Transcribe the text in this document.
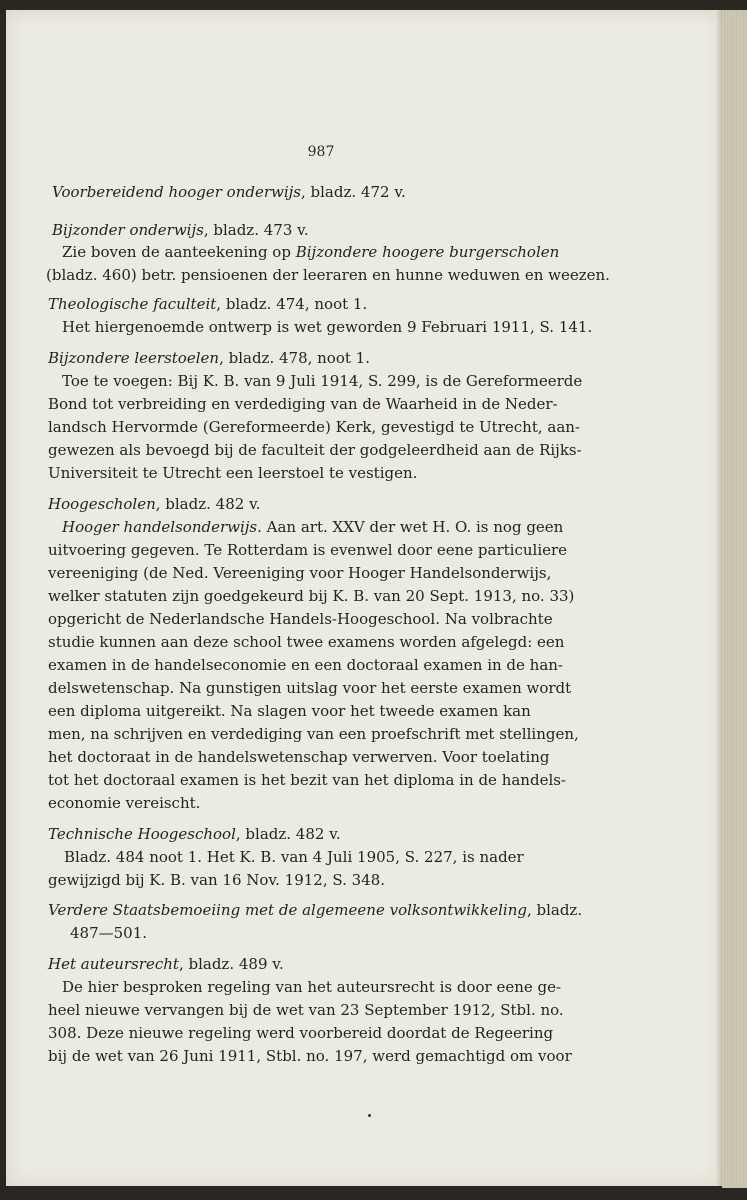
987
Voorbereidend hooger onderwijs, bladz. 472 v.
Bijzonder onderwijs, bladz. 473 v.
Zie boven de aanteekening op Bijzondere hoogere burgerscholen
(bladz. 460) betr. pensioenen der leeraren en hunne weduwen en weezen.
Theologische faculteit, bladz. 474, noot 1.
Het hiergenoemde ontwerp is wet geworden 9 Februari 1911, S. 141.
Bijzondere leerstoelen, bladz. 478, noot 1.
Toe te voegen: Bij K. B. van 9 Juli 1914, S. 299, is de Gereformeerde
Bond tot verbreiding en verdediging van de Waarheid in de Neder-
landsch Hervormde (Gereformeerde) Kerk, gevestigd te Utrecht, aan-
gewezen als bevoegd bij de faculteit der godgeleerdheid aan de Rijks-
Universiteit te Utrecht een leerstoel te vestigen.
Hoogescholen, bladz. 482 v.
Hooger handelsonderwijs. Aan art. XXV der wet H. O. is nog geen
uitvoering gegeven. Te Rotterdam is evenwel door eene particuliere
vereeniging (de Ned. Vereeniging voor Hooger Handelsonderwijs,
welker statuten zijn goedgekeurd bij K. B. van 20 Sept. 1913, no. 33)
opgericht de Nederlandsche Handels-Hoogeschool. Na volbrachte
studie kunnen aan deze school twee examens worden afgelegd: een
examen in de handelseconomie en een doctoraal examen in de han-
delswetenschap. Na gunstigen uitslag voor het eerste examen wordt
een diploma uitgereikt. Na slagen voor het tweede examen kan
men, na schrijven en verdediging van een proefschrift met stellingen,
het doctoraat in de handelswetenschap verwerven. Voor toelating
tot het doctoraal examen is het bezit van het diploma in de handels-
economie vereischt.
Technische Hoogeschool, bladz. 482 v.
Bladz. 484 noot 1. Het K. B. van 4 Juli 1905, S. 227, is nader
gewijzigd bij K. B. van 16 Nov. 1912, S. 348.
Verdere Staatsbemoeiing met de algemeene volksontwikkeling, bladz.
487—501.
Het auteursrecht, bladz. 489 v.
De hier besproken regeling van het auteursrecht is door eene ge-
heel nieuwe vervangen bij de wet van 23 September 1912, Stbl. no.
308. Deze nieuwe regeling werd voorbereid doordat de Regeering
bij de wet van 26 Juni 1911, Stbl. no. 197, werd gemachtigd om voor
